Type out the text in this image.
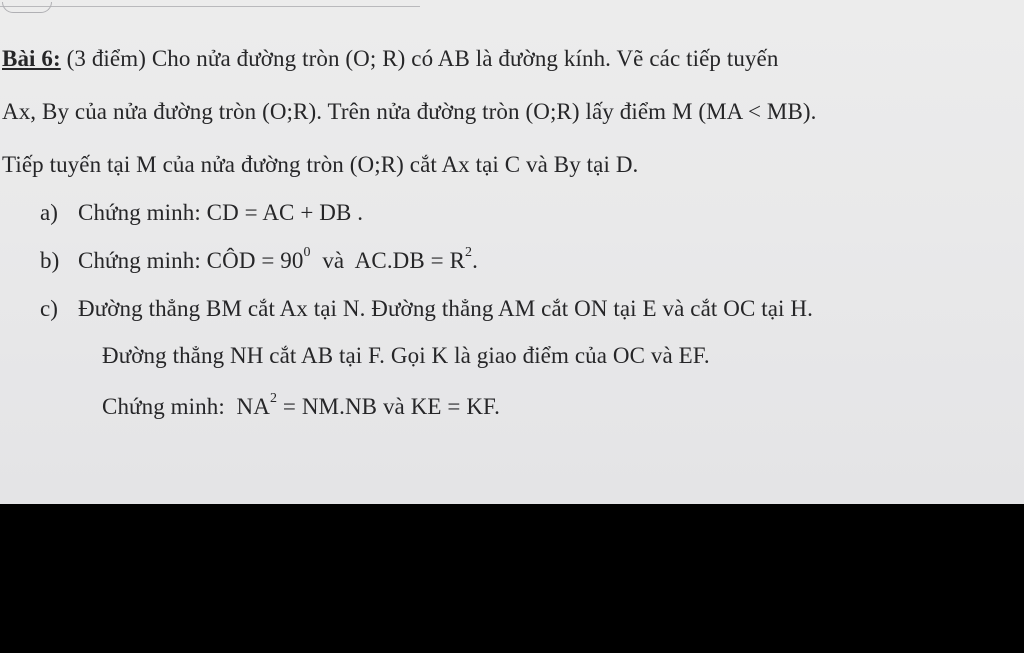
Bài 6: (3 điểm) Cho nửa đường tròn (O; R) có AB là đường kính. Vẽ các tiếp tuyến
Ax, By của nửa đường tròn (O;R). Trên nửa đường tròn (O;R) lấy điểm M (MA < MB).
Tiếp tuyến tại M của nửa đường tròn (O;R) cắt Ax tại C và By tại D.
a) Chứng minh: CD = AC + DB .
b) Chứng minh: CÔD = $90^0$  và  $AC.DB = R^2$.
c) Đường thẳng BM cắt Ax tại N. Đường thẳng AM cắt ON tại E và cắt OC tại H.
Đường thẳng NH cắt AB tại F. Gọi K là giao điểm của OC và EF.
Chứng minh:  $NA^2 = NM.NB$ và KE = KF.
